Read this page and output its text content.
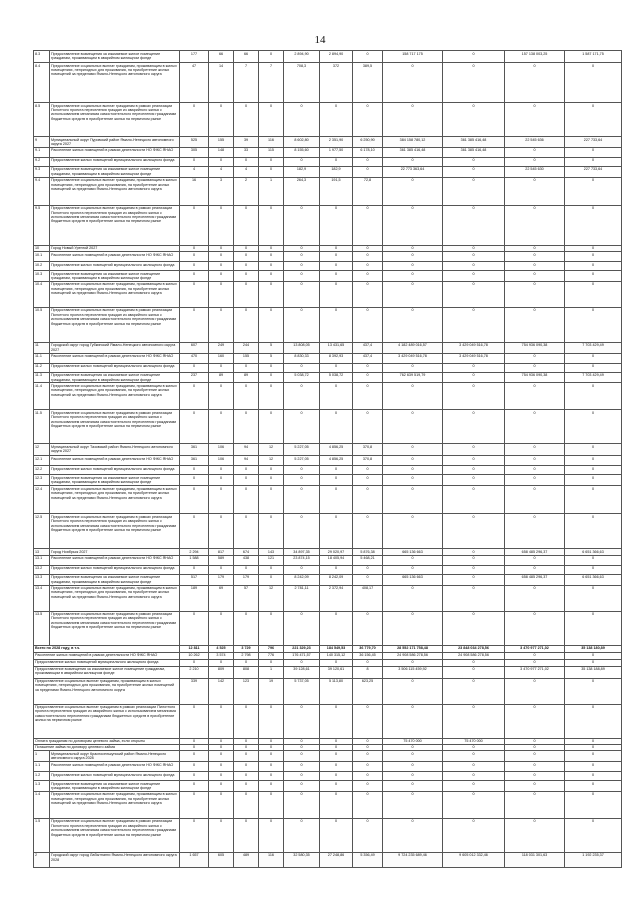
14
8.3	Предоставление возмещения за изымаемое жилое помещение гражданам, проживающим в аварийном жилищном фонде	177	66	66	0	2 894,90	2 894,90	0	158 717 175	0	157 138 003,25	1 587 171,75
8.4	Предоставление социальных выплат гражданам, проживающим в жилых помещениях, непригодных для проживания, на приобретение жилых помещений за пределами Ямало-Ненецкого автономного округа	47	14	7	7	708,3	372	389,5	0	0	0	0
8.5	Предоставление социальных выплат гражданам в рамках реализации Пилотного проекта переселения граждан из аварийного жилья с использованием механизма самостоятельного переселения гражданами бюджетных средств в приобретение жилья на первичном рынке	0	0	0	0	0	0	0	0	0	0	0
9	Муниципальный округ Пуровский район Ямало-Ненецкого автономного округа 2027	525	155	39	116	8 602,80	2 351,90	6 250,90	384 158 780,12	361 385 416,48	22 545 636	227 733,64
9.1	Расселение жилых помещений в рамках деятельности НО ФЖС ЯНАО	305	148	33	115	8 155,60	1 977,50	6 178,10	361 385 416,48	361 385 416,48	0	0
9.2	Предоставление жилых помещений муниципального жилищного фонда	0	0	0	0	0	0	0	0	0	0	0
9.3	Предоставление возмещения за изымаемое жилое помещение гражданам, проживающим в аварийном жилищном фонде	4	4	4	0	182,9	182,9	0	22 773 363,64	0	22 545 630	227 733,64
9.4	Предоставление социальных выплат гражданам, проживающим в жилых помещениях, непригодных для проживания, на приобретение жилых помещений за пределами Ямало-Ненецкого автономного округа	16	3	2	1	264,3	191,5	72,8	0	0	0	0
9.5	Предоставление социальных выплат гражданам в рамках реализации Пилотного проекта переселения граждан из аварийного жилья с использованием механизма самостоятельного переселения гражданами бюджетных средств в приобретение жилья на первичном рынке	0	0	0	0	0	0	0	0	0	0	0
10	Город Новый Уренгой 2027	0	0	0	0	0	0	0	0	0	0	0
10.1	Расселение жилых помещений в рамках деятельности НО ФЖС ЯНАО	0	0	0	0	0	0	0	0	0	0	0
10.2	Предоставление жилых помещений муниципального жилищного фонда	0	0	0	0	0	0	0	0	0	0	0
10.3	Предоставление возмещения за изымаемое жилое помещение гражданам, проживающим в аварийном жилищном фонде	0	0	0	0	0	0	0	0	0	0	0
10.4	Предоставление социальных выплат гражданам, проживающим в жилых помещениях, непригодных для проживания, на приобретение жилых помещений за пределами Ямало-Ненецкого автономного округа	0	0	0	0	0	0	0	0	0	0	0
10.5	Предоставление социальных выплат гражданам в рамках реализации Пилотного проекта переселения граждан из аварийного жилья с использованием механизма самостоятельного переселения гражданами бюджетных средств в приобретение жилья на первичном рынке	0	0	0	0	0	0	0	0	0	0	0
11	Городской округ город Губкинский Ямало-Ненецкого автономного округа 2027	607	249	244	5	13 808,05	13 431,65	437,4	4 182 489 016,57	3 429 049 516,78	754 936 090,38	7 703 429,49
11.1	Расселение жилых помещений в рамках деятельности НО ФЖС ЯНАО	470	160	155	5	8 830,33	8 392,93	437,4	3 429 049 516,78	3 429 049 516,78	0	0
11.2	Предоставление жилых помещений муниципального жилищного фонда	0	0	0	0	0	0	0	0	0	0	0
11.3	Предоставление возмещения за изымаемое жилое помещение гражданам, проживающим в аварийном жилищном фонде	237	89	89	0	5 038,72	5 038,72	0	762 639 519,79	0	754 936 090,38	7 703 429,49
11.4	Предоставление социальных выплат гражданам, проживающим в жилых помещениях, непригодных для проживания, на приобретение жилых помещений за пределами Ямало-Ненецкого автономного округа	0	0	0	0	0	0	0	0	0	0	0
11.5	Предоставление социальных выплат гражданам в рамках реализации Пилотного проекта переселения граждан из аварийного жилья с использованием механизма самостоятельного переселения гражданами бюджетных средств в приобретение жилья на первичном рынке	0	0	0	0	0	0	0	0	0	0	0
12	Муниципальный округ Тазовский район Ямало-Ненецкого автономного округа 2027	361	106	94	12	5 227,05	4 856,25	370,8	0	0	0	0
12.1	Расселение жилых помещений в рамках деятельности НО ФЖС ЯНАО	361	106	94	12	5 227,05	4 856,25	370,8	0	0	0	0
12.2	Предоставление жилых помещений муниципального жилищного фонда	0	0	0	0	0	0	0	0	0	0	0
12.3	Предоставление возмещения за изымаемое жилое помещение гражданам, проживающим в аварийном жилищном фонде	0	0	0	0	0	0	0	0	0	0	0
12.4	Предоставление социальных выплат гражданам, проживающим в жилых помещениях, непригодных для проживания, на приобретение жилых помещений за пределами Ямало-Ненецкого автономного округа	0	0	0	0	0	0	0	0	0	0	0
12.5	Предоставление социальных выплат гражданам в рамках реализации Пилотного проекта переселения граждан из аварийного жилья с использованием механизма самостоятельного переселения гражданами бюджетных средств в приобретение жилья на первичном рынке	0	0	0	0	0	0	0	0	0	0	0
13	Город Ноябрьск 2027	2 294	817	674	143	34 897,35	29 020,97	5 876,38	665 136 663	0	658 485 296,37	6 651 366,63
13.1	Расселение жилых помещений в рамках деятельности НО ФЖС ЯНАО	1 588	589	438	121	23 874,15	18 405,94	5 468,21	0	0	0	0
13.2	Предоставление жилых помещений муниципального жилищного фонда	0	0	0	0	0	0	0	0	0	0	0
13.3	Предоставление возмещения за изымаемое жилое помещение гражданам, проживающим в аварийном жилищном фонде	517	179	179	0	8 242,09	8 242,09	0	665 136 663	0	658 485 296,37	6 651 366,63
13.4	Предоставление социальных выплат гражданам, проживающим в жилых помещениях, непригодных для проживания, на приобретение жилых помещений за пределами Ямало-Ненецкого автономного округа	189	69	57	12	2 781,11	2 372,94	408,17	0	0	0	0
13.5	Предоставление социальных выплат гражданам в рамках реализации Пилотного проекта переселения граждан из аварийного жилья с использованием механизма самостоятельного переселения гражданами бюджетных средств в приобретение жилья на первичном рынке	0	0	0	0	0	0	0	0	0	0	0
Всего по 2028 году, в т.ч.		12 811	4 525	3 729	796	221 329,23	184 549,53	36 779,70	28 552 171 758,48	23 848 034 278,56	3 470 977 271,02	35 138 180,89
Расселение жилых помещений в рамках деятельности НО ФЖС ЯНАО		10 262	3 574	2 798	776	176 471,57	140 315,12	36 156,45	24 908 586 278,56	24 908 586 278,56	0	0
Предоставление жилых помещений муниципального жилищного фонда		0	0	0	0	0	0	0	0	0	0	0
Предоставление возмещения за изымаемое жилое помещение гражданам, проживающим в аварийном жилищном фонде		2 210	809	808	1	39 128,61	39 120,61	8	3 506 115 459,92	0	3 470 977 271,02	35 138 188,89
Предоставление социальных выплат гражданам, проживающим в жилых помещениях, непригодных для проживания, на приобретение жилых помещений за пределами Ямало-Ненецкого автономного округа		339	142	123	19	5 737,05	5 113,80	623,25	0	0	0	0
Предоставление социальных выплат гражданам в рамках реализации Пилотного проекта переселения граждан из аварийного жилья с использованием механизма самостоятельного переселения гражданами бюджетных средств в приобретение жилья на первичном рынке		0	0	0	0	0	0	0	0	0	0	0
Оплата гражданам по договорам целевого займа, если открыты		0	0	0	0	0	0	0	75 470 000	75 470 000	0	0
Погашение займа по договору целевого займа		0	0	0	0	0	0	0	0	0	0	0
1	Муниципальный округ Красноселькупский район Ямало-Ненецкого автономного округа 2028	0	0	0	0	0	0	0	0	0	0	0
1.1	Расселение жилых помещений в рамках деятельности НО ФЖС ЯНАО	0	0	0	0	0	0	0	0	0	0	0
1.2	Предоставление жилых помещений муниципального жилищного фонда	0	0	0	0	0	0	0	0	0	0	0
1.3	Предоставление возмещения за изымаемое жилое помещение гражданам, проживающим в аварийном жилищном фонде	0	0	0	0	0	0	0	0	0	0	0
1.4	Предоставление социальных выплат гражданам, проживающим в жилых помещениях, непригодных для проживания, на приобретение жилых помещений за пределами Ямало-Ненецкого автономного округа	0	0	0	0	0	0	0	0	0	0	0
1.5	Предоставление социальных выплат гражданам в рамках реализации Пилотного проекта переселения граждан из аварийного жилья с использованием механизма самостоятельного переселения гражданами бюджетных средств в приобретение жилья на первичном рынке	0	0	0	0	0	0	0	0	0	0	0
2	Городской округ город Лабытнанги Ямало-Ненецкого автономного округа 2028	1 657	605	489	116	32 580,35	27 248,86	5 356,49	9 724 235 689,46	9 605 012 332,46	118 031 301,63	1 192 235,37
